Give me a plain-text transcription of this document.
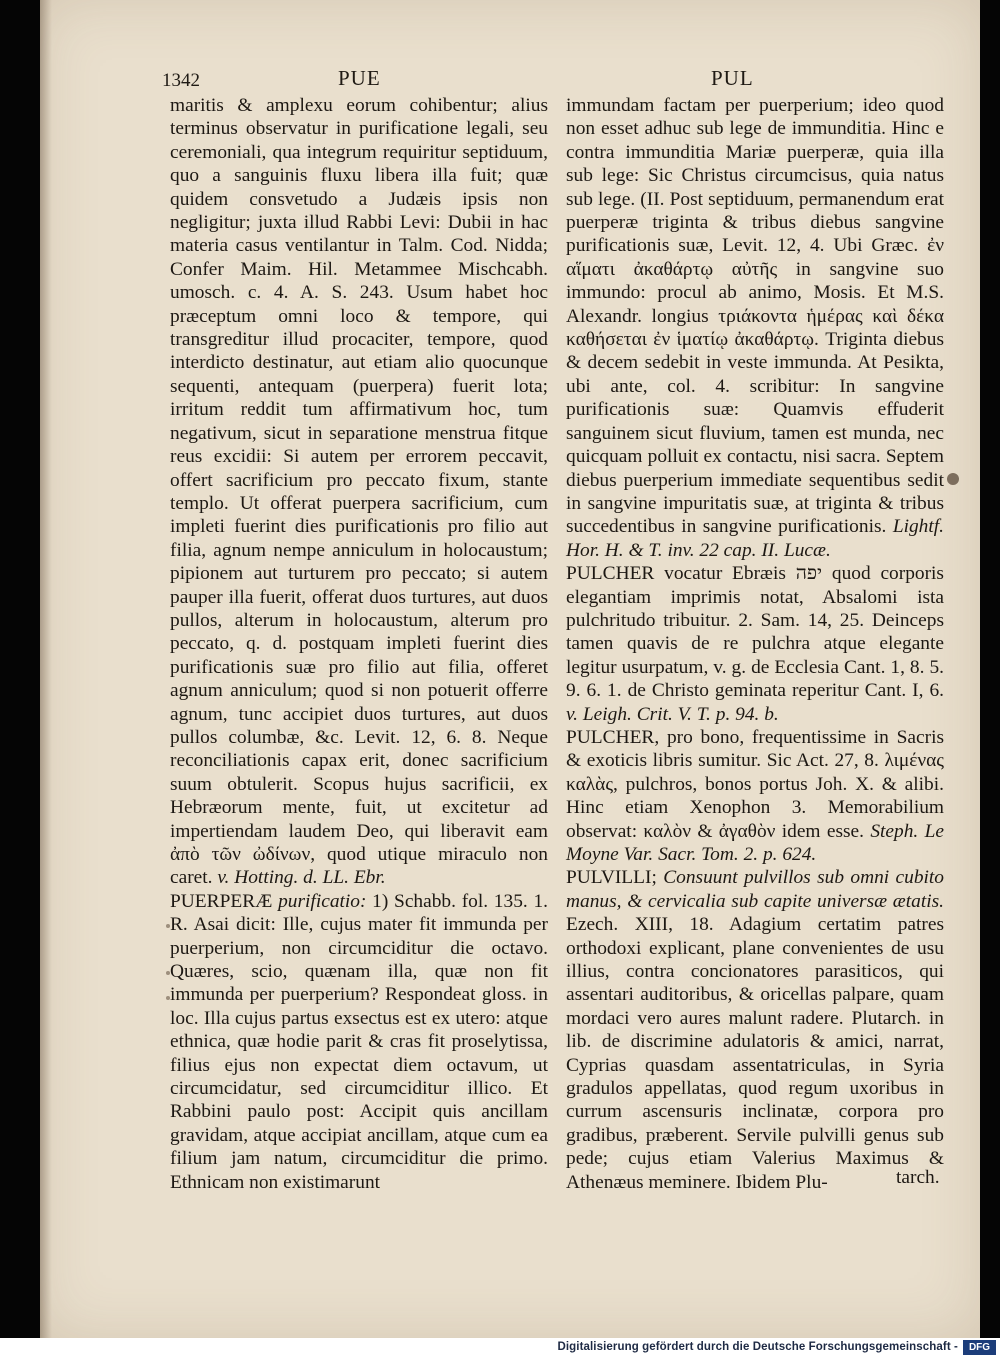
1342	PUE	PUL

maritis & amplexu eorum cohibentur; alius terminus observatur in purificatione legali, seu ceremoniali, qua integrum requiritur septiduum, quo a sanguinis fluxu libera illa fuit; quæ quidem consvetudo a Judæis ipsis non negligitur; juxta illud Rabbi Levi: Dubii in hac materia casus ventilantur in Talm. Cod. Nidda; Confer Maim. Hil. Metammee Mischcabh. umosch. c. 4. A. S. 243. Usum habet hoc præceptum omni loco & tempore, qui transgreditur illud procaciter, tempore, quod interdicto destinatur, aut etiam alio quocunque sequenti, antequam (puerpera) fuerit lota; irritum reddit tum affirmativum hoc, tum negativum, sicut in separatione menstrua fitque reus excidii: Si autem per errorem peccavit, offert sacrificium pro peccato fixum, stante templo. Ut offerat puerpera sacrificium, cum impleti fuerint dies purificationis pro filio aut filia, agnum nempe anniculum in holocaustum; pipionem aut turturem pro peccato; si autem pauper illa fuerit, offerat duos turtures, aut duos pullos, alterum in holocaustum, alterum pro peccato, q. d. postquam impleti fuerint dies purificationis suæ pro filio aut filia, offeret agnum anniculum; quod si non potuerit offerre agnum, tunc accipiet duos turtures, aut duos pullos columbæ, &c. Levit. 12, 6. 8. Neque reconciliationis capax erit, donec sacrificium suum obtulerit. Scopus hujus sacrificii, ex Hebræorum mente, fuit, ut excitetur ad impertiendam laudem Deo, qui liberavit eam ἀπὸ τῶν ὠδίνων, quod utique miraculo non caret. v. Hotting. d. LL. Ebr.

PUERPERÆ purificatio: 1) Schabb. fol. 135. 1. R. Asai dicit: Ille, cujus mater fit immunda per puerperium, non circumciditur die octavo. Quæres, scio, quænam illa, quæ non fit immunda per puerperium? Respondeat gloss. in loc. Illa cujus partus exsectus est ex utero: atque ethnica, quæ hodie parit & cras fit proselytissa, filius ejus non expectat diem octavum, ut circumcidatur, sed circumciditur illico. Et Rabbini paulo post: Accipit quis ancillam gravidam, atque accipiat ancillam, atque cum ea filium jam natum, circumciditur die primo. Ethnicam non existimarunt

immundam factam per puerperium; ideo quod non esset adhuc sub lege de immunditia. Hinc e contra immunditia Mariæ puerperæ, quia illa sub lege: Sic Christus circumcisus, quia natus sub lege. (II. Post septiduum, permanendum erat puerperæ triginta & tribus diebus sangvine purificationis suæ, Levit. 12, 4. Ubi Græc. ἐν αἵματι ἀκαθάρτῳ αὐτῆς in sangvine suo immundo: procul ab animo, Mosis. Et M.S. Alexandr. longius τριάκοντα ἡμέρας καὶ δέκα καθήσεται ἐν ἱματίῳ ἀκαθάρτῳ. Triginta diebus & decem sedebit in veste immunda. At Pesikta, ubi ante, col. 4. scribitur: In sangvine purificationis suæ: Quamvis effuderit sanguinem sicut fluvium, tamen est munda, nec quicquam polluit ex contactu, nisi sacra. Septem diebus puerperium immediate sequentibus sedit in sangvine impuritatis suæ, at triginta & tribus succedentibus in sangvine purificationis. Lightf. Hor. H. & T. inv. 22 cap. II. Lucæ.

PULCHER vocatur Ebræis יפה quod corporis elegantiam imprimis notat, Absalomi ista pulchritudo tribuitur. 2. Sam. 14, 25. Deinceps tamen quavis de re pulchra atque elegante legitur usurpatum, v. g. de Ecclesia Cant. 1, 8. 5. 9. 6. 1. de Christo geminata reperitur Cant. I, 6. v. Leigh. Crit. V. T. p. 94. b.

PULCHER, pro bono, frequentissime in Sacris & exoticis libris sumitur. Sic Act. 27, 8. λιμένας καλὰς, pulchros, bonos portus Joh. X. & alibi. Hinc etiam Xenophon 3. Memorabilium observat: καλὸν & ἀγαθὸν idem esse. Steph. Le Moyne Var. Sacr. Tom. 2. p. 624.

PULVILLI; Consuunt pulvillos sub omni cubito manus, & cervicalia sub capite universæ ætatis. Ezech. XIII, 18. Adagium certatim patres orthodoxi explicant, plane convenientes de usu illius, contra concionatores parasiticos, qui assentari auditoribus, & oricellas palpare, quam mordaci vero aures malunt radere. Plutarch. in lib. de discrimine adulatoris & amici, narrat, Cyprias quasdam assentatriculas, in Syria gradulos appellatas, quod regum uxoribus in currum ascensuris inclinatæ, corpora pro gradibus, præberent. Servile pulvilli genus sub pede; cujus etiam Valerius Maximus & Athenæus meminere. Ibidem Plu-	tarch.
Digitalisierung gefördert durch die Deutsche Forschungsgemeinschaft -	DFG
